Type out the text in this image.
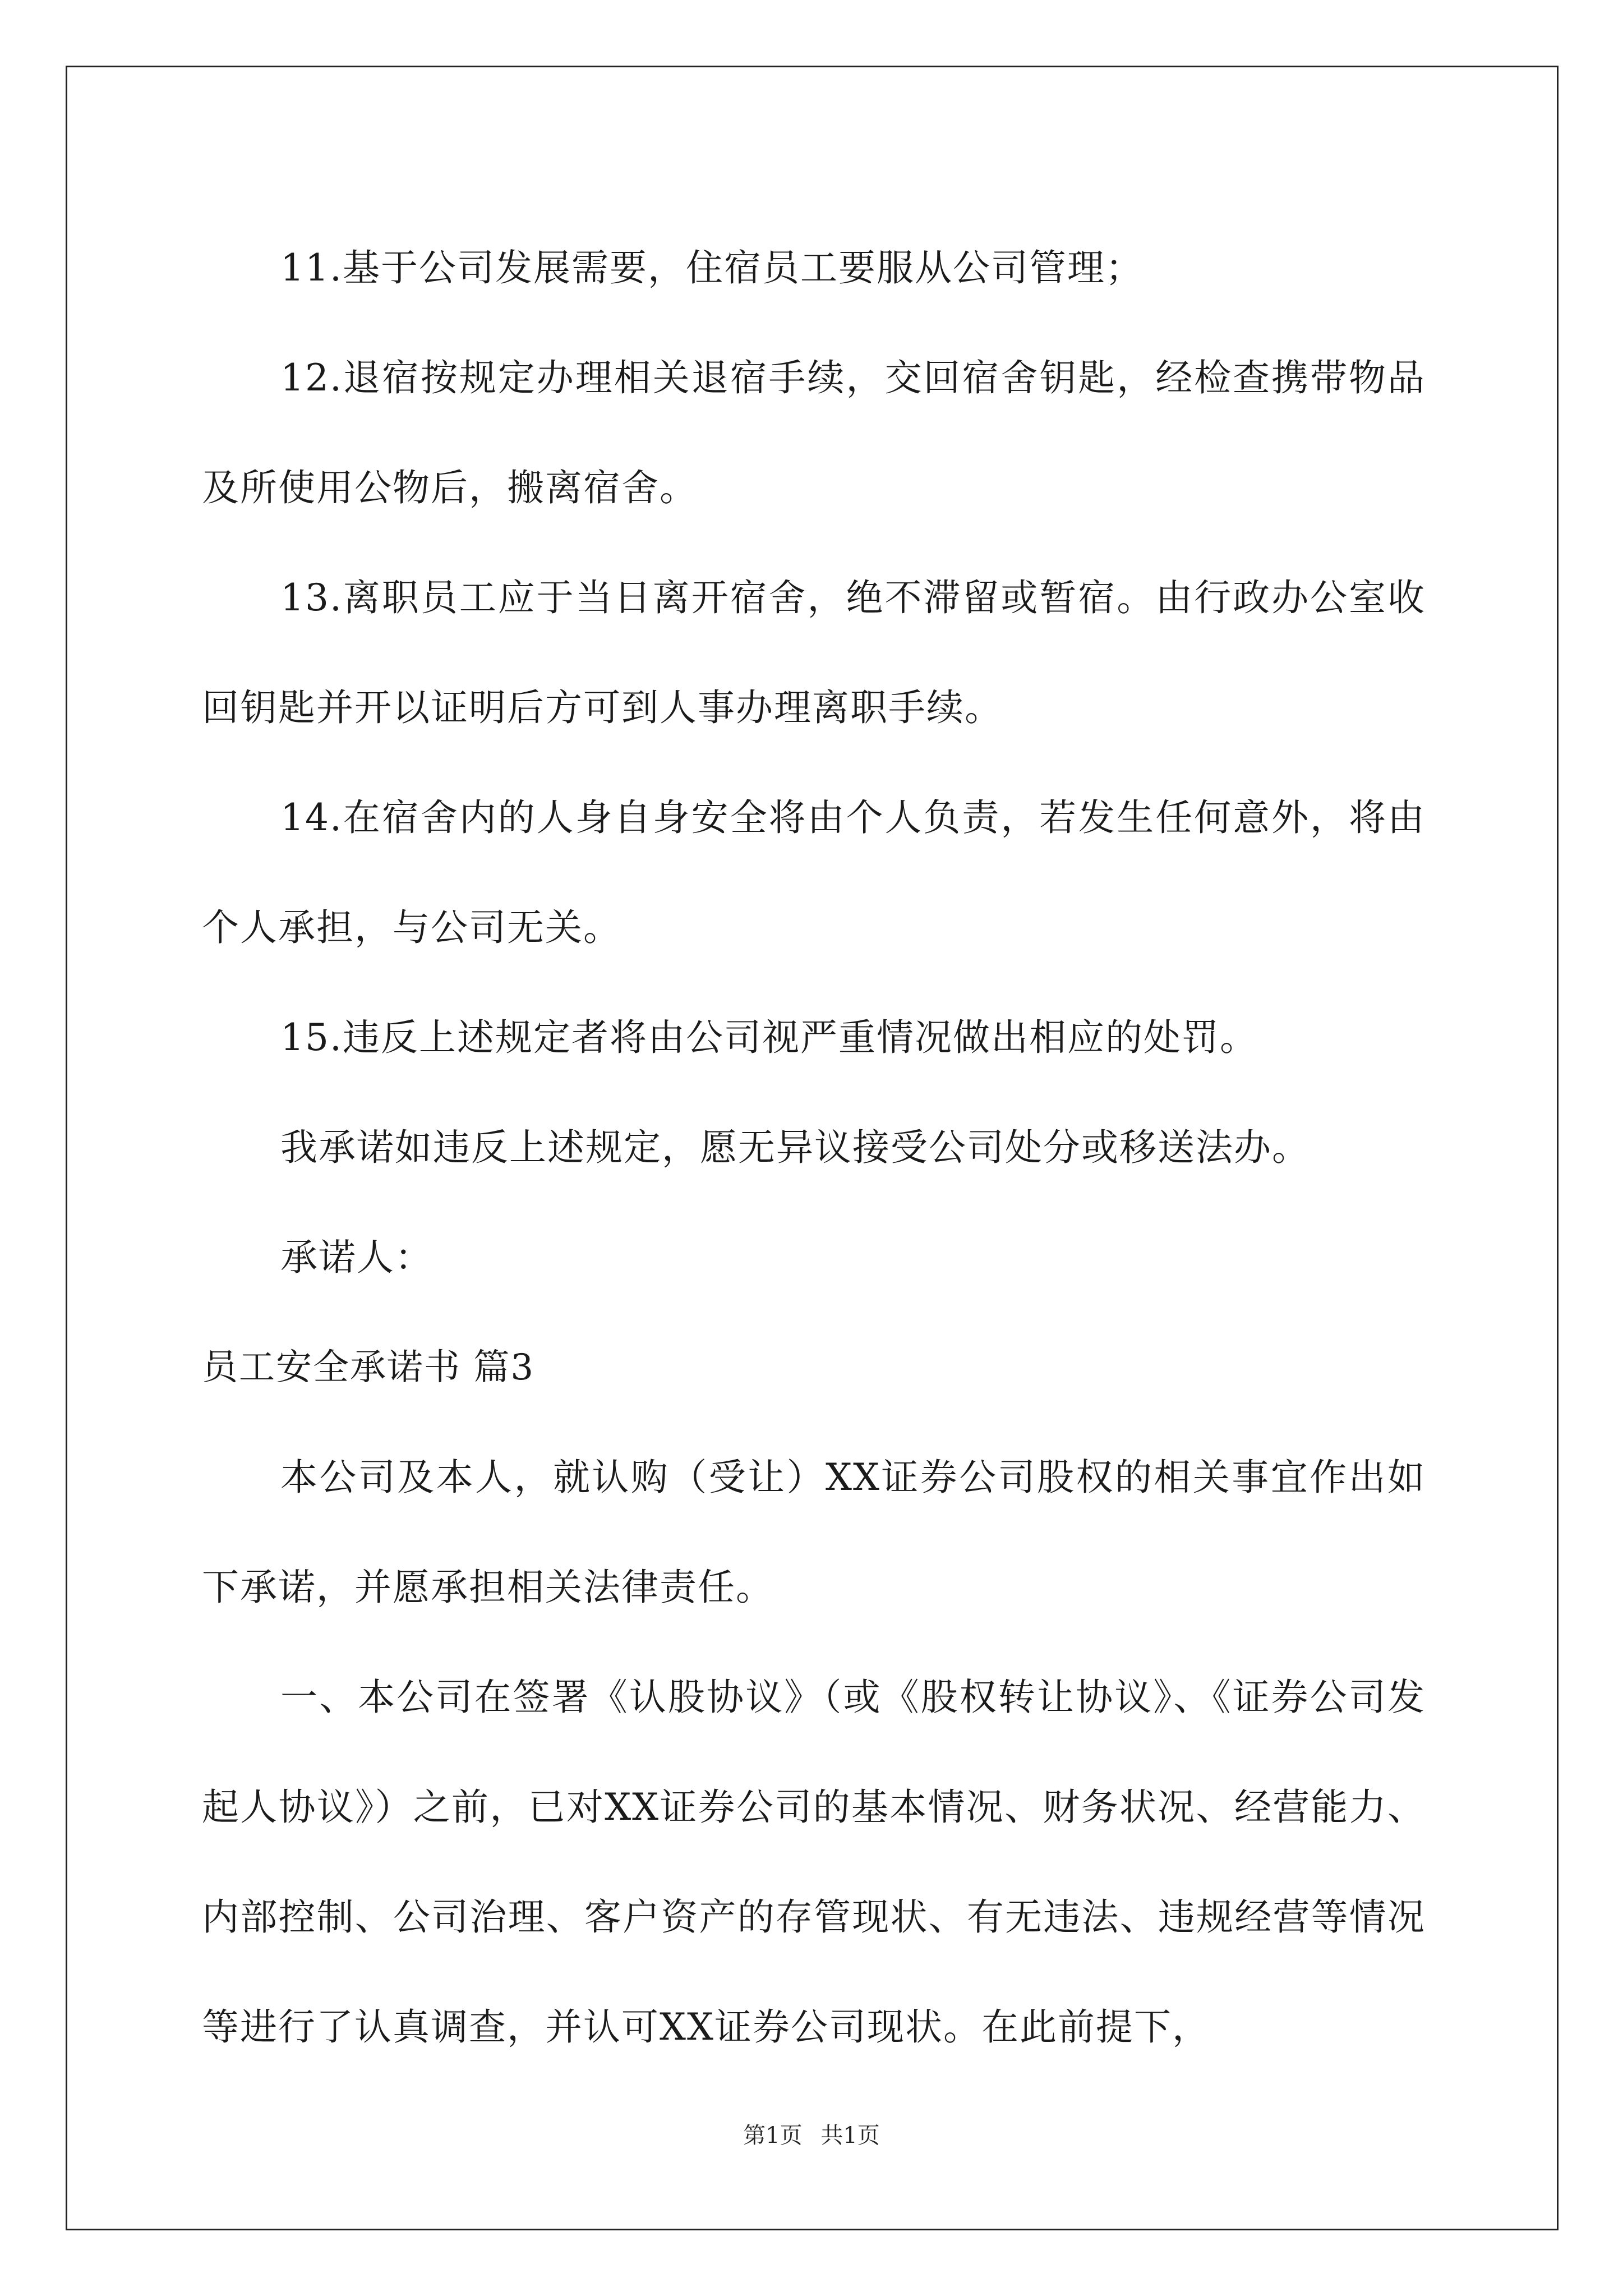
11.基于公司发展需要，住宿员工要服从公司管理；

12.退宿按规定办理相关退宿手续，交回宿舍钥匙，经检查携带物品及所使用公物后，搬离宿舍。

13.离职员工应于当日离开宿舍，绝不滞留或暂宿。由行政办公室收回钥匙并开以证明后方可到人事办理离职手续。

14.在宿舍内的人身自身安全将由个人负责，若发生任何意外，将由个人承担，与公司无关。

15.违反上述规定者将由公司视严重情况做出相应的处罚。

我承诺如违反上述规定，愿无异议接受公司处分或移送法办。

承诺人：

员工安全承诺书 篇3

本公司及本人，就认购（受让）XX证券公司股权的相关事宜作出如下承诺，并愿承担相关法律责任。

一、本公司在签署《认股协议》（或《股权转让协议》、《证券公司发起人协议》）之前，已对XX证券公司的基本情况、财务状况、经营能力、内部控制、公司治理、客户资产的存管现状、有无违法、违规经营等情况等进行了认真调查，并认可XX证券公司现状。在此前提下，

第1页 共1页
